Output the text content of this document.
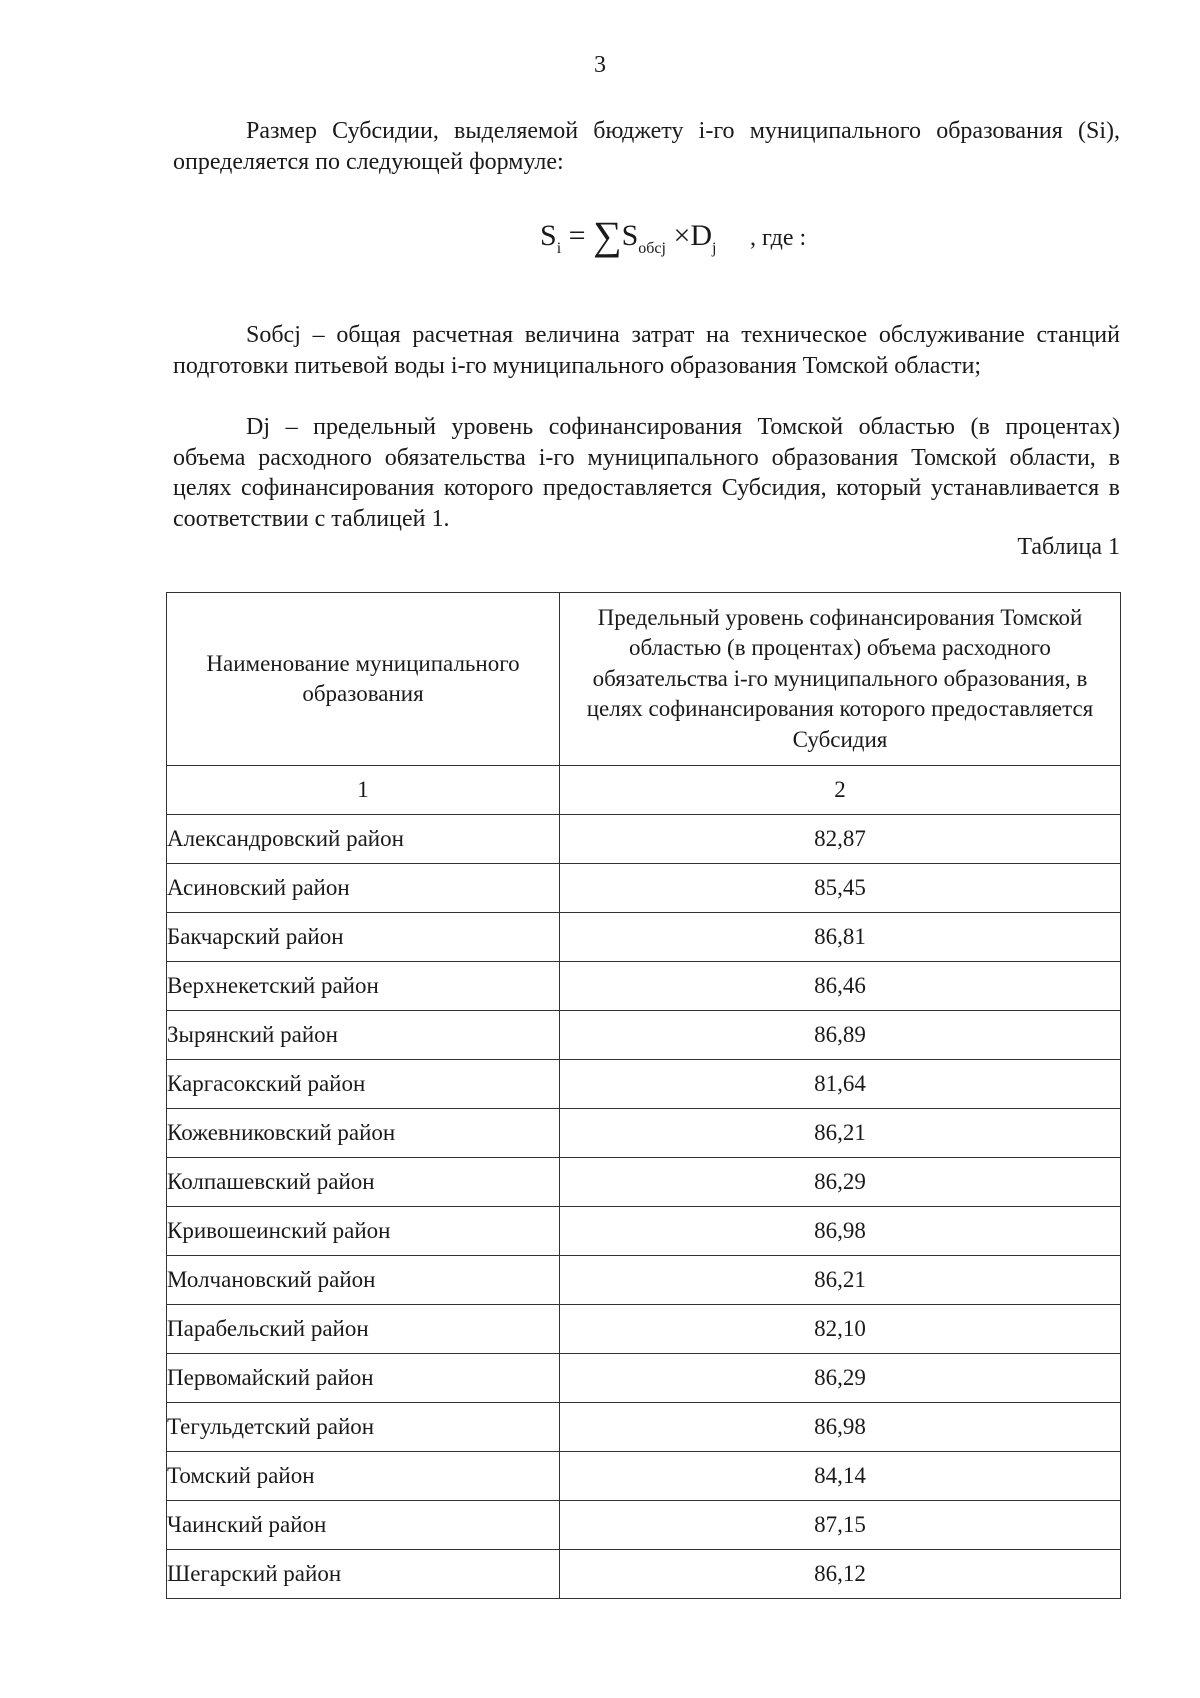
3

Размер Субсидии, выделяемой бюджету i-го муниципального образования (Si), определяется по следующей формуле:

$S_i = \sum S_{обcj} \times D_j$ , где :

Sобcj – общая расчетная величина затрат на техническое обслуживание станций подготовки питьевой воды i-го муниципального образования Томской области;

Dj – предельный уровень софинансирования Томской областью (в процентах) объема расходного обязательства i-го муниципального образования Томской области, в целях софинансирования которого предоставляется Субсидия, который устанавливается в соответствии с таблицей 1.

Таблица 1
Наименование муниципального образования	Предельный уровень софинансирования Томской областью (в процентах) объема расходного обязательства i-го муниципального образования, в целях софинансирования которого предоставляется Субсидия
1	2
Александровский район	82,87
Асиновский район	85,45
Бакчарский район	86,81
Верхнекетский район	86,46
Зырянский район	86,89
Каргасокский район	81,64
Кожевниковский район	86,21
Колпашевский район	86,29
Кривошеинский район	86,98
Молчановский район	86,21
Парабельский район	82,10
Первомайский район	86,29
Тегульдетский район	86,98
Томский район	84,14
Чаинский район	87,15
Шегарский район	86,12
